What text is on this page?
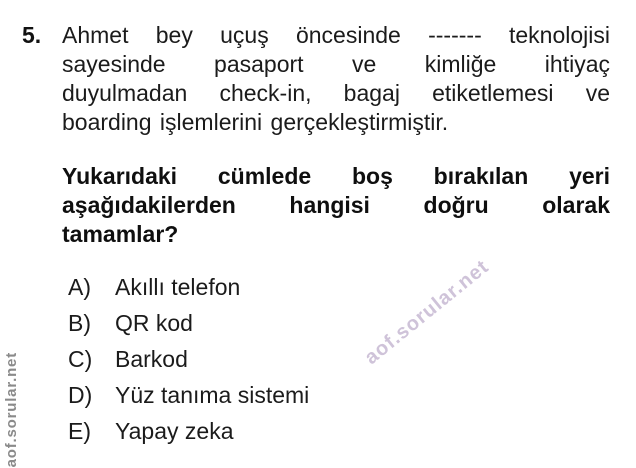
5. Ahmet bey uçuş öncesinde ------- teknolojisi
sayesinde pasaport ve kimliğe ihtiyaç
duyulmadan check-in, bagaj etiketlemesi ve
boarding işlemlerini gerçekleştirmiştir.
Yukarıdaki cümlede boş bırakılan yeri
aşağıdakilerden hangisi doğru olarak
tamamlar?
A)	Akıllı telefon
B)	QR kod
C) Barkod
D) Yüz tanıma sistemi
E)	Yapay zeka
aof.sorular.net
aof.sorular.net
